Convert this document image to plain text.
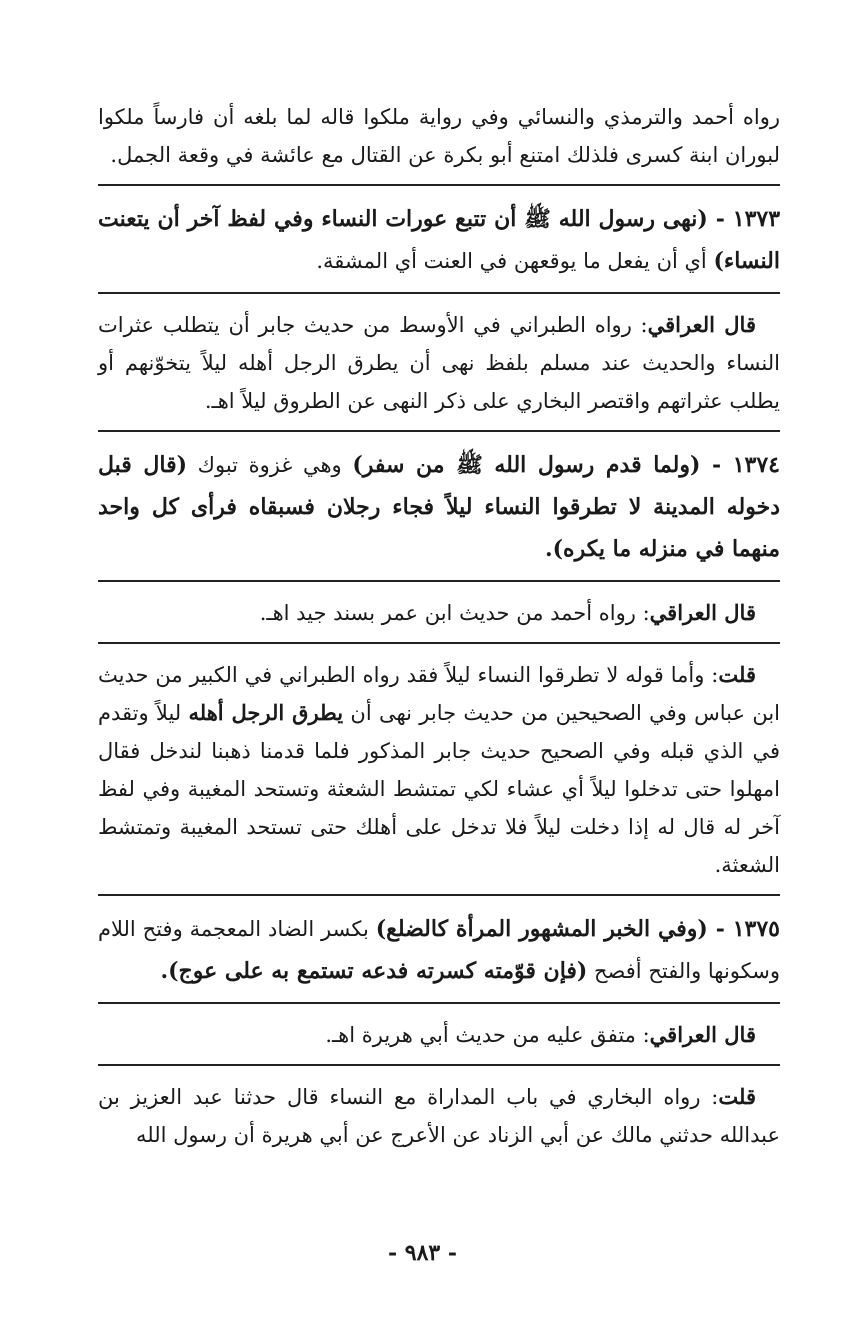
رواه أحمد والترمذي والنسائي وفي رواية ملكوا قاله لما بلغه أن فارساً ملكوا لبوران ابنة كسرى فلذلك امتنع أبو بكرة عن القتال مع عائشة في وقعة الجمل.

١٣٧٣ - (نهى رسول الله ﷺ أن تتبع عورات النساء وفي لفظ آخر أن يتعنت النساء) أي أن يفعل ما يوقعهن في العنت أي المشقة.

قال العراقي: رواه الطبراني في الأوسط من حديث جابر أن يتطلب عثرات النساء والحديث عند مسلم بلفظ نهى أن يطرق الرجل أهله ليلاً يتخوّنهم أو يطلب عثراتهم واقتصر البخاري على ذكر النهى عن الطروق ليلاً اهـ.

١٣٧٤ - (ولما قدم رسول الله ﷺ من سفر) وهي غزوة تبوك (قال قبل دخوله المدينة لا تطرقوا النساء ليلاً فجاء رجلان فسبقاه فرأى كل واحد منهما في منزله ما يكره).

قال العراقي: رواه أحمد من حديث ابن عمر بسند جيد اهـ.

قلت: وأما قوله لا تطرقوا النساء ليلاً فقد رواه الطبراني في الكبير من حديث ابن عباس وفي الصحيحين من حديث جابر نهى أن يطرق الرجل أهله ليلاً وتقدم في الذي قبله وفي الصحيح حديث جابر المذكور فلما قدمنا ذهبنا لندخل فقال امهلوا حتى تدخلوا ليلاً أي عشاء لكي تمتشط الشعثة وتستحد المغيبة وفي لفظ آخر له قال له إذا دخلت ليلاً فلا تدخل على أهلك حتى تستحد المغيبة وتمتشط الشعثة.

١٣٧٥ - (وفي الخبر المشهور المرأة كالضلع) بكسر الضاد المعجمة وفتح اللام وسكونها والفتح أفصح (فإن قوّمته كسرته فدعه تستمع به على عوج).

قال العراقي: متفق عليه من حديث أبي هريرة اهـ.

قلت: رواه البخاري في باب المداراة مع النساء قال حدثنا عبد العزيز بن عبدالله حدثني مالك عن أبي الزناد عن الأعرج عن أبي هريرة أن رسول الله

- ٩٨٣ -
